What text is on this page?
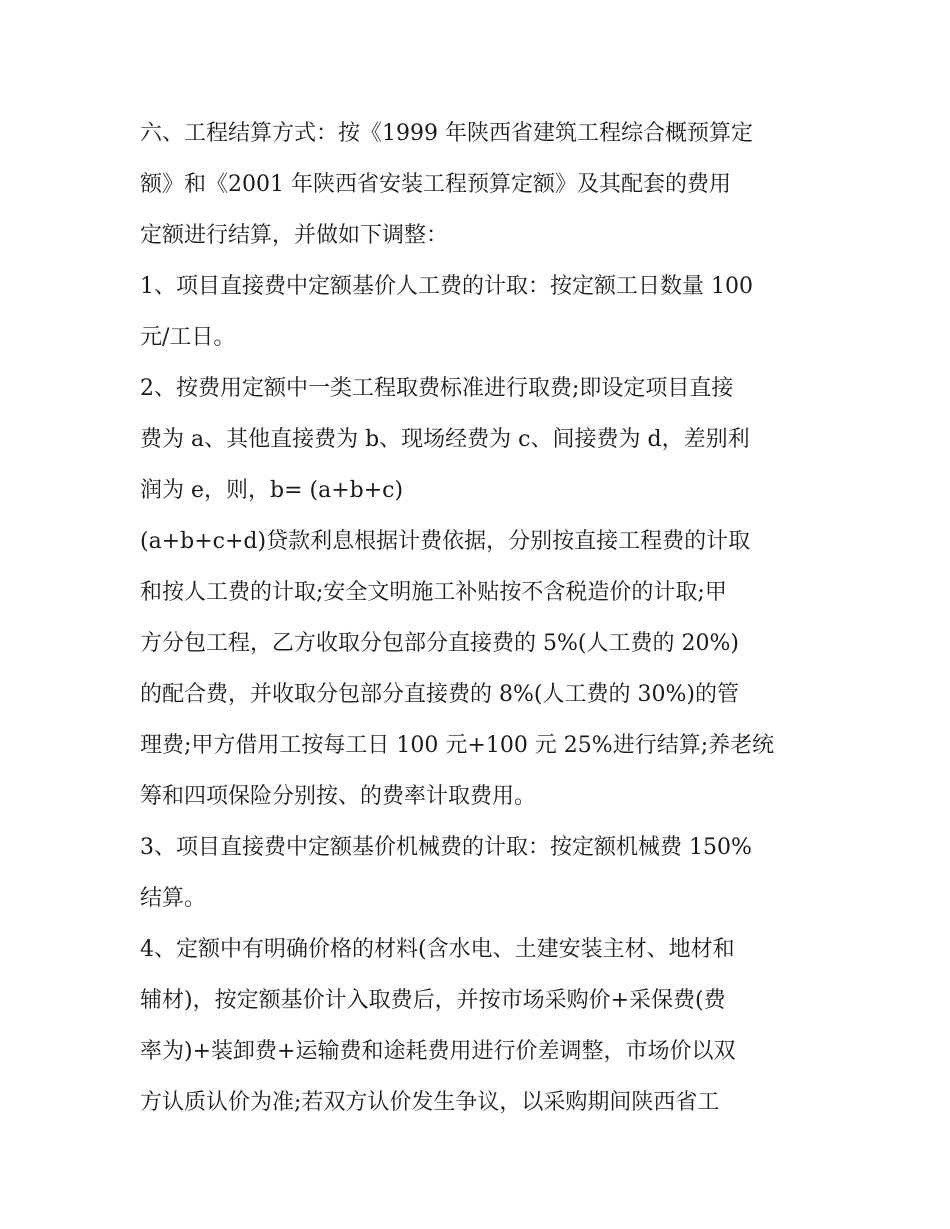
六、工程结算方式：按《1999 年陕西省建筑工程综合概预算定
额》和《2001 年陕西省安装工程预算定额》及其配套的费用
定额进行结算，并做如下调整：
1、项目直接费中定额基价人工费的计取：按定额工日数量 100
元/工日。
2、按费用定额中一类工程取费标准进行取费;即设定项目直接
费为 a、其他直接费为 b、现场经费为 c、间接费为 d，差别利
润为 e，则，b= (a+b+c)
(a+b+c+d)贷款利息根据计费依据，分别按直接工程费的计取
和按人工费的计取;安全文明施工补贴按不含税造价的计取;甲
方分包工程，乙方收取分包部分直接费的 5%(人工费的 20%)
的配合费，并收取分包部分直接费的 8%(人工费的 30%)的管
理费;甲方借用工按每工日 100 元+100 元 25%进行结算;养老统
筹和四项保险分别按、的费率计取费用。
3、项目直接费中定额基价机械费的计取：按定额机械费 150%
结算。
4、定额中有明确价格的材料(含水电、土建安装主材、地材和
辅材)，按定额基价计入取费后，并按市场采购价+采保费(费
率为)+装卸费+运输费和途耗费用进行价差调整，市场价以双
方认质认价为准;若双方认价发生争议，以采购期间陕西省工
